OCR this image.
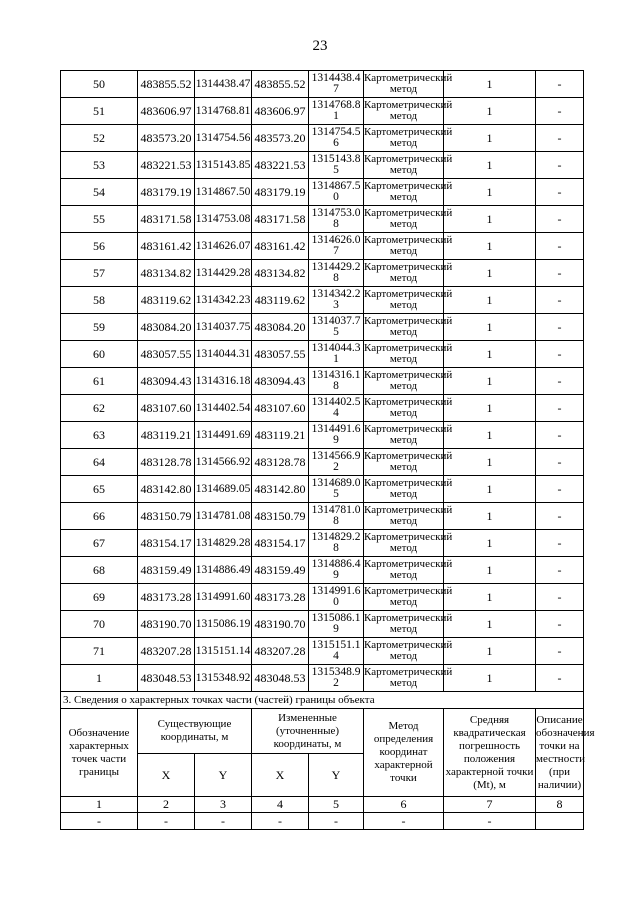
23
50	483855.52	1314438.47	483855.52	1314438.47	Картометрический метод	1	-
51	483606.97	1314768.81	483606.97	1314768.81	Картометрический метод	1	-
52	483573.20	1314754.56	483573.20	1314754.56	Картометрический метод	1	-
53	483221.53	1315143.85	483221.53	1315143.85	Картометрический метод	1	-
54	483179.19	1314867.50	483179.19	1314867.50	Картометрический метод	1	-
55	483171.58	1314753.08	483171.58	1314753.08	Картометрический метод	1	-
56	483161.42	1314626.07	483161.42	1314626.07	Картометрический метод	1	-
57	483134.82	1314429.28	483134.82	1314429.28	Картометрический метод	1	-
58	483119.62	1314342.23	483119.62	1314342.23	Картометрический метод	1	-
59	483084.20	1314037.75	483084.20	1314037.75	Картометрический метод	1	-
60	483057.55	1314044.31	483057.55	1314044.31	Картометрический метод	1	-
61	483094.43	1314316.18	483094.43	1314316.18	Картометрический метод	1	-
62	483107.60	1314402.54	483107.60	1314402.54	Картометрический метод	1	-
63	483119.21	1314491.69	483119.21	1314491.69	Картометрический метод	1	-
64	483128.78	1314566.92	483128.78	1314566.92	Картометрический метод	1	-
65	483142.80	1314689.05	483142.80	1314689.05	Картометрический метод	1	-
66	483150.79	1314781.08	483150.79	1314781.08	Картометрический метод	1	-
67	483154.17	1314829.28	483154.17	1314829.28	Картометрический метод	1	-
68	483159.49	1314886.49	483159.49	1314886.49	Картометрический метод	1	-
69	483173.28	1314991.60	483173.28	1314991.60	Картометрический метод	1	-
70	483190.70	1315086.19	483190.70	1315086.19	Картометрический метод	1	-
71	483207.28	1315151.14	483207.28	1315151.14	Картометрический метод	1	-
1	483048.53	1315348.92	483048.53	1315348.92	Картометрический метод	1	-
3. Сведения о характерных точках части (частей) границы объекта							
Обозначение характерных точек части границы	Существующие координаты, м		Измененные (уточненные) координаты, м		Метод определения координат характерной точки	Средняя квадратическая погрешность положения характерной точки (Mt), м	Описание обозначения точки на местности (при наличии)
	X	Y	X	Y			
1	2	3	4	5	6	7	8
-	-	-	-	-	-	-	
